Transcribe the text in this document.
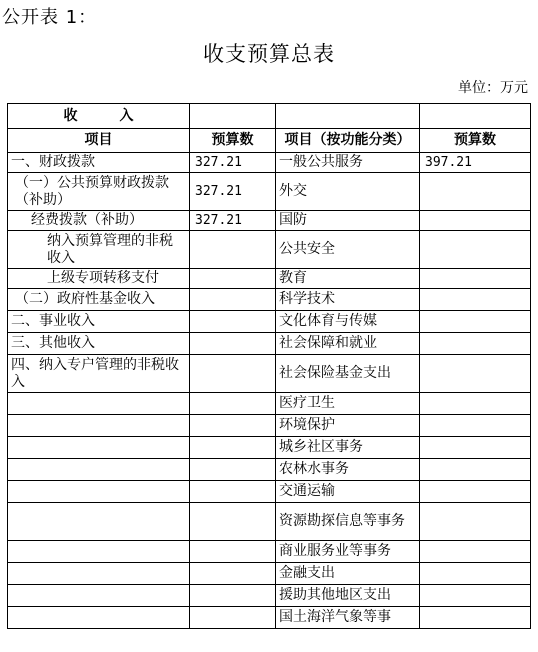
公开表 1：
收支预算总表
单位：万元
收　　　入			
项目	预算数	项目（按功能分类）	预算数
一、财政拨款	327.21	一般公共服务	397.21
（一）公共预算财政拨款（补助）	327.21	外交	
经费拨款（补助）	327.21	国防	
纳入预算管理的非税收入		公共安全	
上级专项转移支付		教育	
（二）政府性基金收入		科学技术	
二、事业收入		文化体育与传媒	
三、其他收入		社会保障和就业	
四、纳入专户管理的非税收入		社会保险基金支出	
		医疗卫生	
		环境保护	
		城乡社区事务	
		农林水事务	
		交通运输	
		资源勘探信息等事务	
		商业服务业等事务	
		金融支出	
		援助其他地区支出	
		国土海洋气象等事	
